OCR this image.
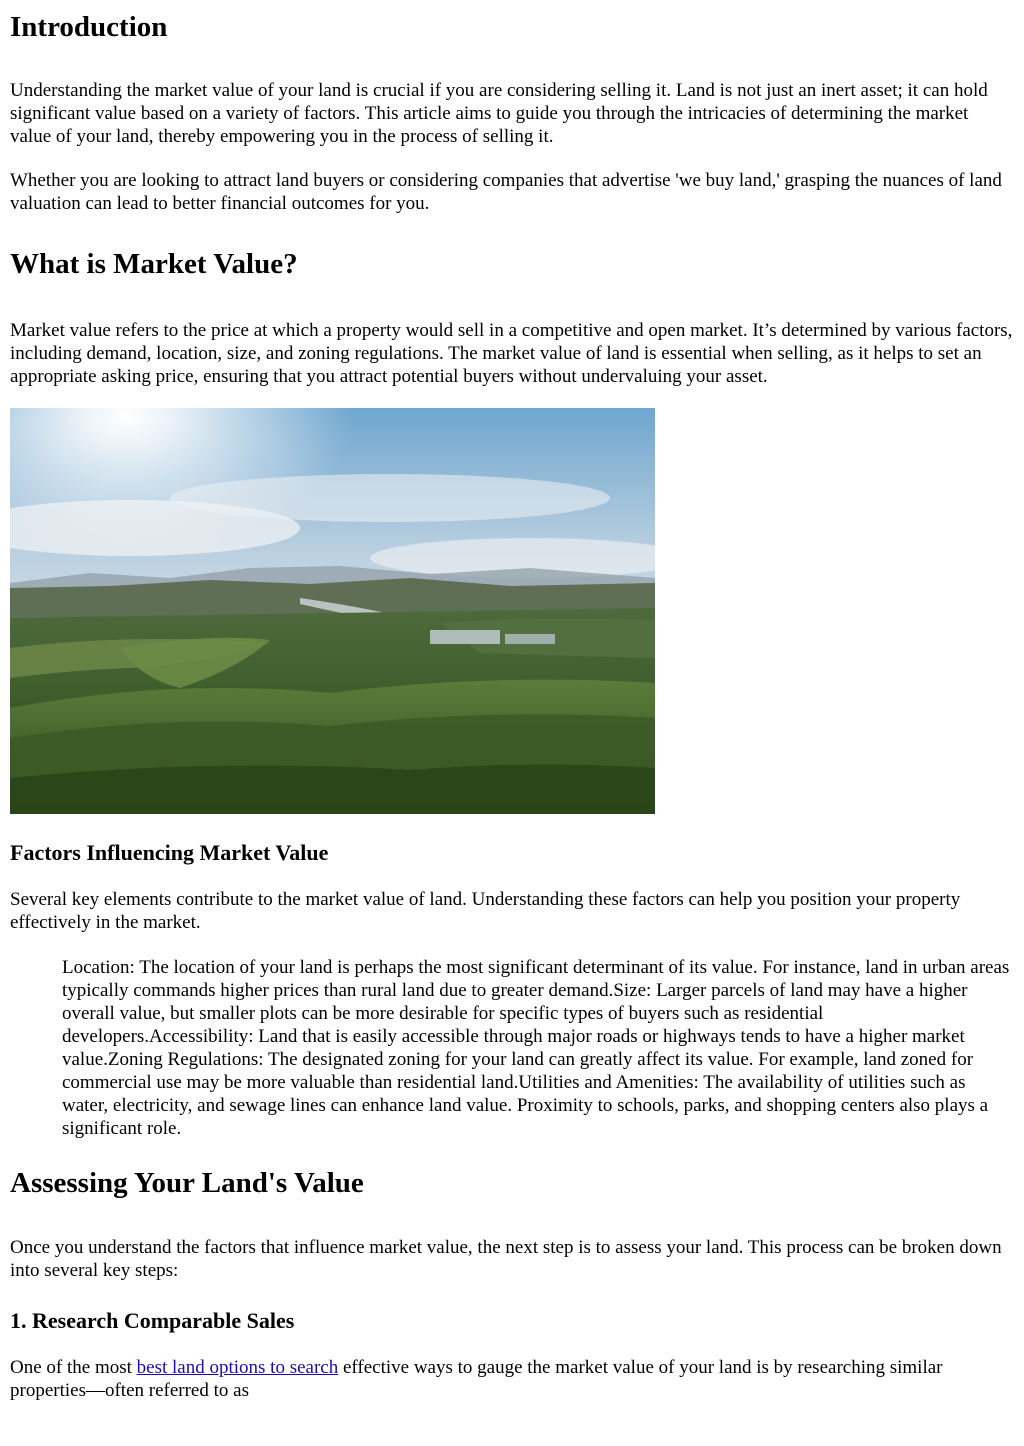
Introduction

Understanding the market value of your land is crucial if you are considering selling it. Land is not just an inert asset; it can hold significant value based on a variety of factors. This article aims to guide you through the intricacies of determining the market value of your land, thereby empowering you in the process of selling it.

Whether you are looking to attract land buyers or considering companies that advertise 'we buy land,' grasping the nuances of land valuation can lead to better financial outcomes for you.

What is Market Value?

Market value refers to the price at which a property would sell in a competitive and open market. It’s determined by various factors, including demand, location, size, and zoning regulations. The market value of land is essential when selling, as it helps to set an appropriate asking price, ensuring that you attract potential buyers without undervaluing your asset.

Factors Influencing Market Value

Several key elements contribute to the market value of land. Understanding these factors can help you position your property effectively in the market.

Location: The location of your land is perhaps the most significant determinant of its value. For instance, land in urban areas typically commands higher prices than rural land due to greater demand.Size: Larger parcels of land may have a higher overall value, but smaller plots can be more desirable for specific types of buyers such as residential developers.Accessibility: Land that is easily accessible through major roads or highways tends to have a higher market value.Zoning Regulations: The designated zoning for your land can greatly affect its value. For example, land zoned for commercial use may be more valuable than residential land.Utilities and Amenities: The availability of utilities such as water, electricity, and sewage lines can enhance land value. Proximity to schools, parks, and shopping centers also plays a significant role.
Assessing Your Land's Value

Once you understand the factors that influence market value, the next step is to assess your land. This process can be broken down into several key steps:

1. Research Comparable Sales

One of the most best land options to search effective ways to gauge the market value of your land is by researching similar properties—often referred to as
